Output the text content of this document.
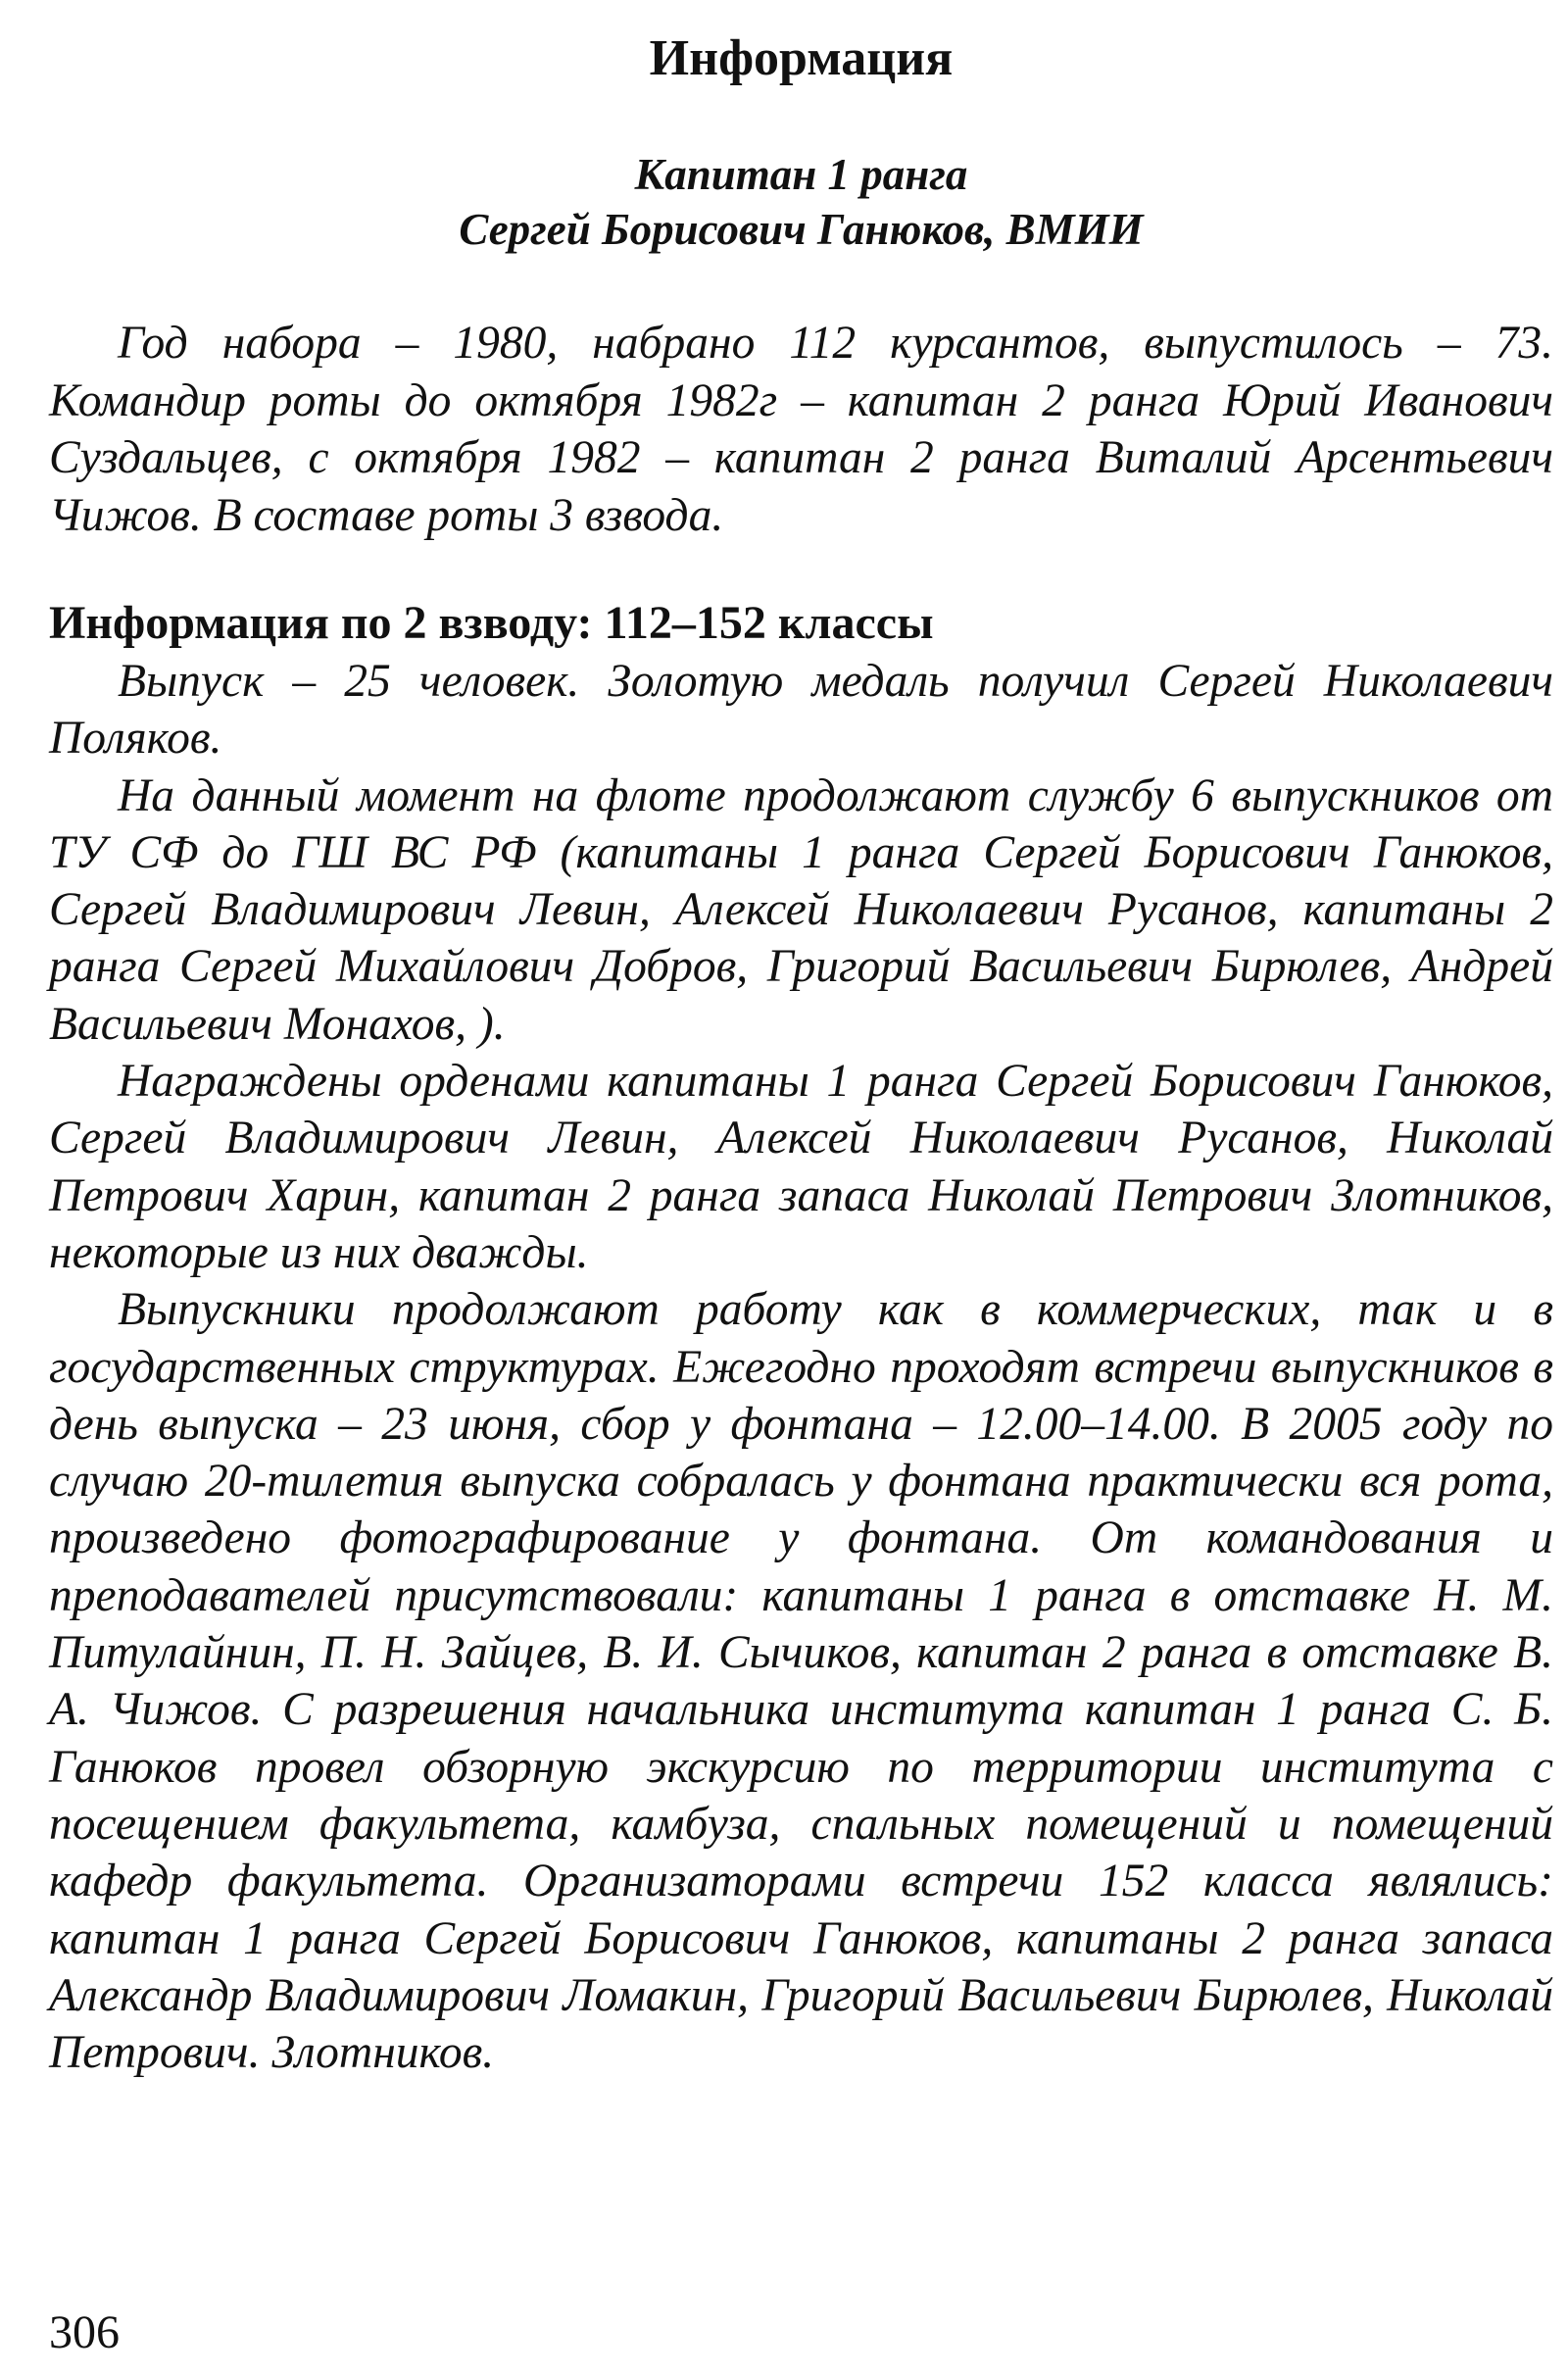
Информация
Капитан 1 ранга
Сергей Борисович Ганюков, ВМИИ
Год набора – 1980, набрано 112 курсантов, выпустилось – 73. Командир роты до октября 1982г – капитан 2 ранга Юрий Иванович Суздальцев, с октября 1982 – капитан 2 ранга Виталий Арсентьевич Чижов. В составе роты 3 взвода.
Информация по 2 взводу: 112–152 классы

Выпуск – 25 человек. Золотую медаль получил Сергей Николаевич Поляков.

На данный момент на флоте продолжают службу 6 выпускников от ТУ СФ до ГШ ВС РФ (капитаны 1 ранга Сергей Борисович Ганюков, Сергей Владимирович Левин, Алексей Николаевич Русанов, капитаны 2 ранга Сергей Михайлович Добров, Григорий Васильевич Бирюлев, Андрей Васильевич Монахов, ).

Награждены орденами капитаны 1 ранга Сергей Борисович Ганюков, Сергей Владимирович Левин, Алексей Николаевич Русанов, Николай Петрович Харин, капитан 2 ранга запаса Николай Петрович Злотников, некоторые из них дважды.

Выпускники продолжают работу как в коммерческих, так и в государственных структурах. Ежегодно проходят встречи выпускников в день выпуска – 23 июня, сбор у фонтана – 12.00–14.00. В 2005 году по случаю 20-тилетия выпуска собралась у фонтана практически вся рота, произведено фотографирование у фонтана. От командования и преподавателей присутствовали: капитаны 1 ранга в отставке Н. М. Питулайнин, П. Н. Зайцев, В. И. Сычиков, капитан 2 ранга в отставке В. А. Чижов. С разрешения начальника института капитан 1 ранга С. Б. Ганюков провел обзорную экскурсию по территории института с посещением факультета, камбуза, спальных помещений и помещений кафедр факультета. Организаторами встречи 152 класса являлись: капитан 1 ранга Сергей Борисович Ганюков, капитаны 2 ранга запаса Александр Владимирович Ломакин, Григорий Васильевич Бирюлев, Николай Петрович. Злотников.

306
